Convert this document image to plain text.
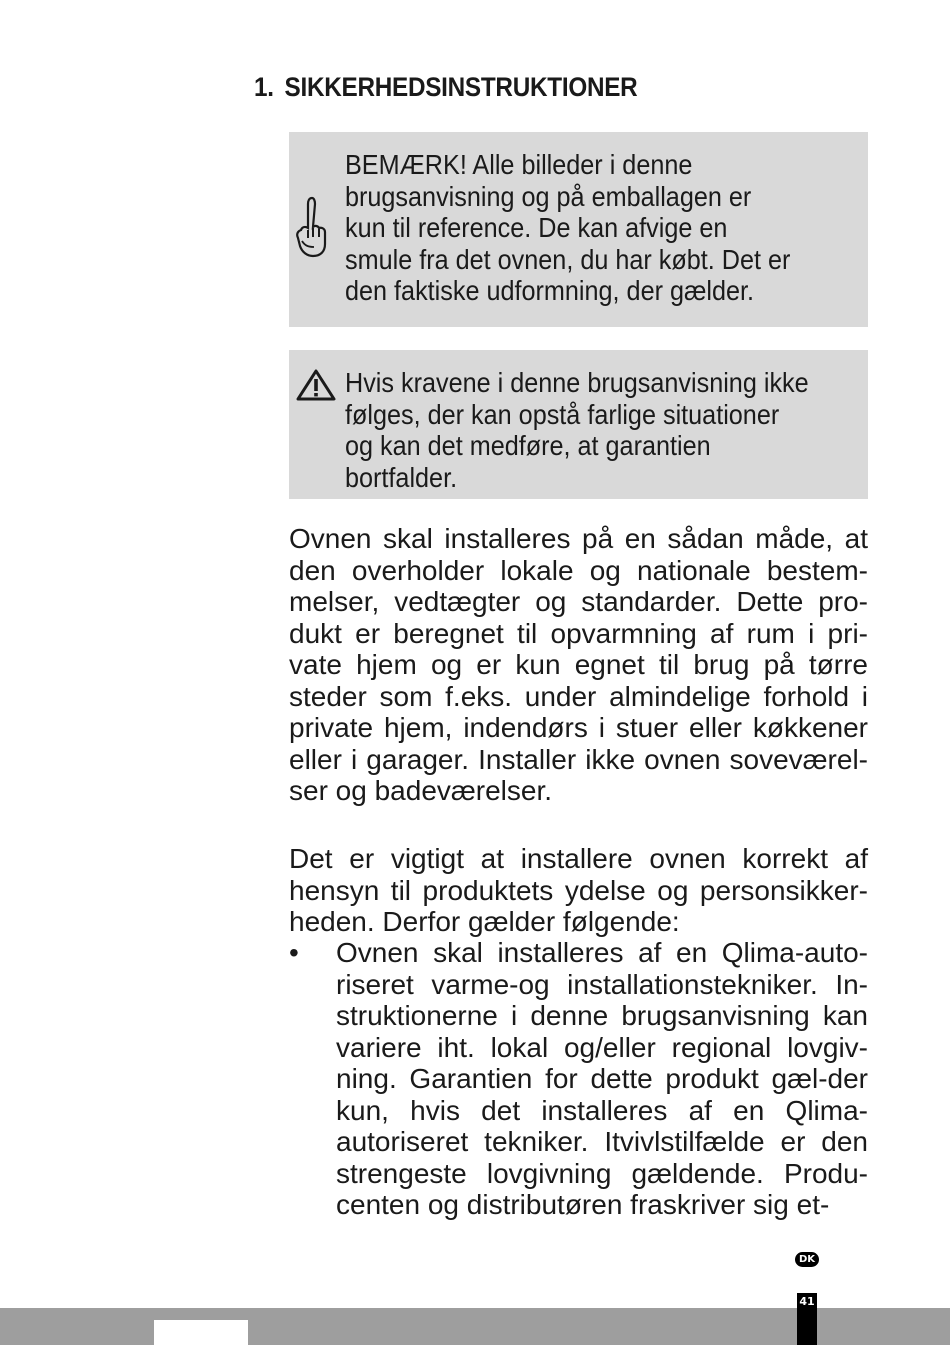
1. SIKKERHEDSINSTRUKTIONER
BEMÆRK! Alle billeder i denne
brugsanvisning og på emballagen er
kun til reference. De kan afvige en
smule fra det ovnen, du har købt. Det er
den faktiske udformning, der gælder.
Hvis kravene i denne brugsanvisning ikke
følges, der kan opstå farlige situationer
og kan det medføre, at garantien
bortfalder.
Ovnen skal installeres på en sådan måde, at den overholder lokale og nationale bestem-melser, vedtægter og standarder. Dette pro-dukt er beregnet til opvarmning af rum i pri-vate hjem og er kun egnet til brug på tørre steder som f.eks. under almindelige forhold i private hjem, indendørs i stuer eller køkkener eller i garager. Installer ikke ovnen soveværel-ser og badeværelser.
Det er vigtigt at installere ovnen korrekt af hensyn til produktets ydelse og personsikker-heden. Derfor gælder følgende:
• Ovnen skal installeres af en Qlima-auto-riseret varme-og installationstekniker. In-struktionerne i denne brugsanvisning kan variere iht. lokal og/eller regional lovgiv-ning. Garantien for dette produkt gæl-der kun, hvis det installeres af en Qlima-autoriseret tekniker. Itvivlstilfælde er den strengeste lovgivning gældende. Produ-centen og distributøren fraskriver sig et-
DK
41
